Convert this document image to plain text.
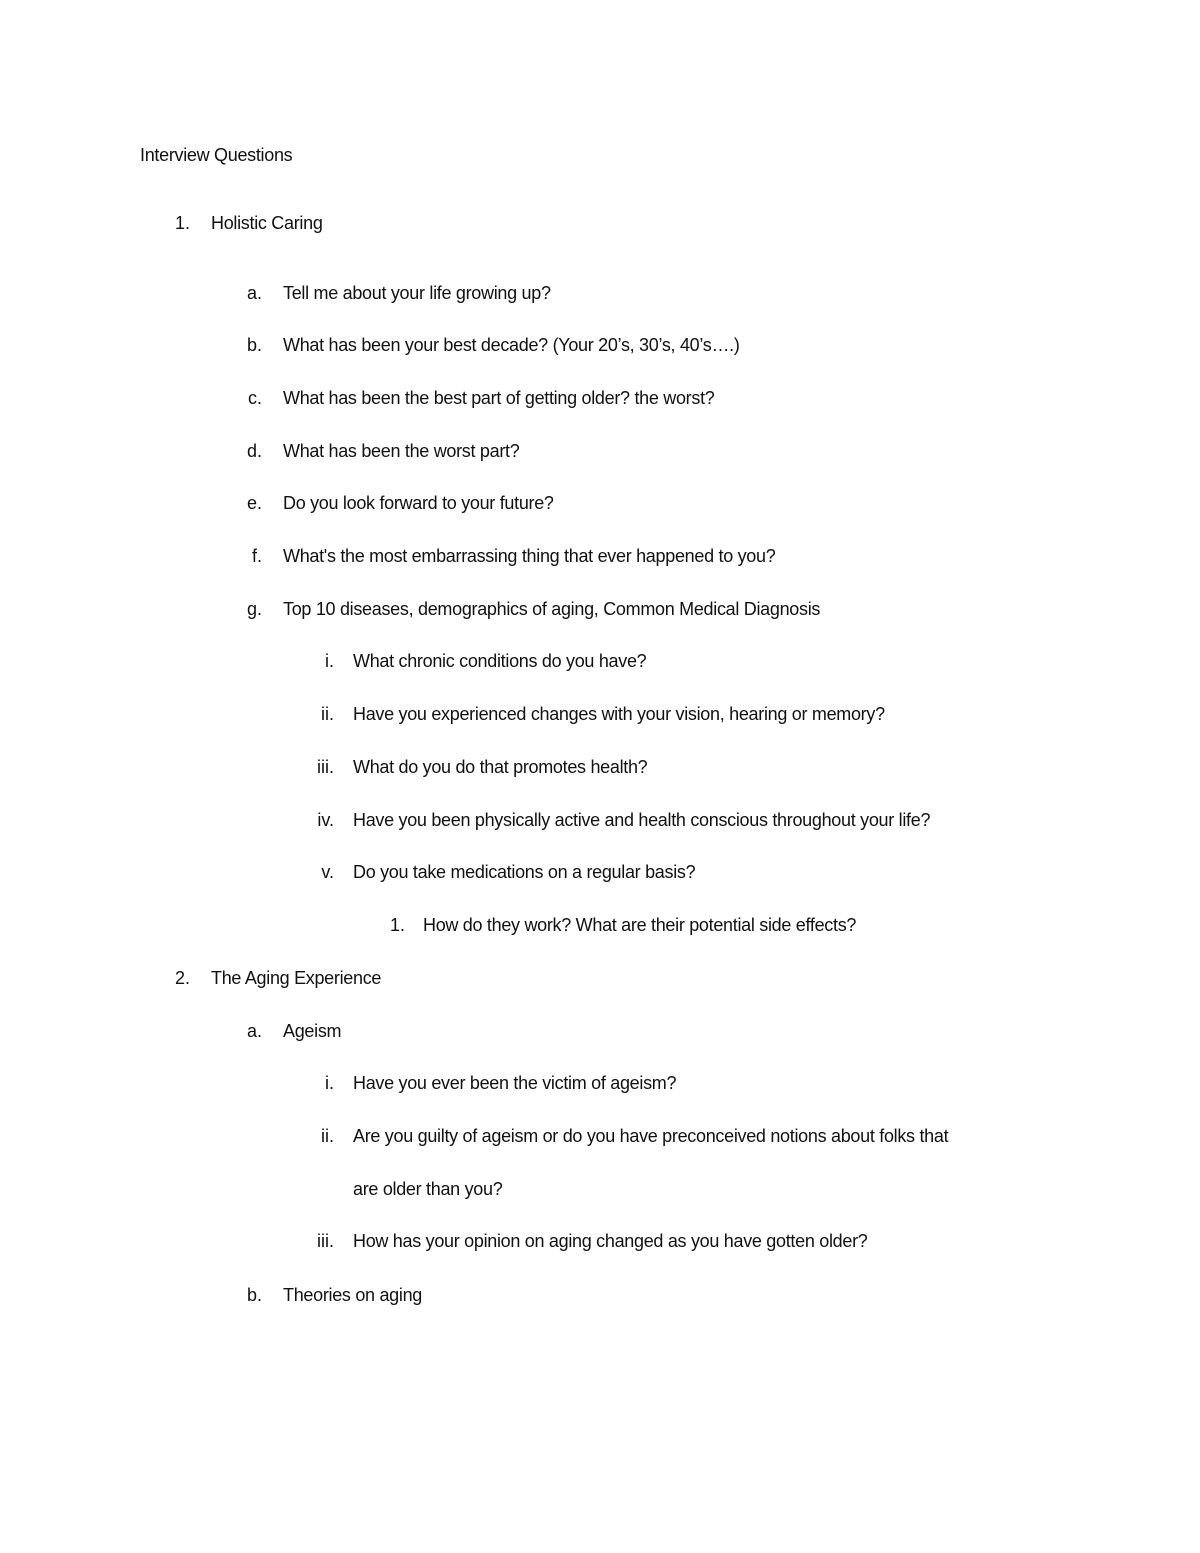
Interview Questions
1. Holistic Caring
a. Tell me about your life growing up?
b. What has been your best decade? (Your 20’s, 30’s, 40’s….)
c. What has been the best part of getting older? the worst?
d. What has been the worst part?
e. Do you look forward to your future?
f. What's the most embarrassing thing that ever happened to you?
g. Top 10 diseases, demographics of aging, Common Medical Diagnosis
i. What chronic conditions do you have?
ii. Have you experienced changes with your vision, hearing or memory?
iii. What do you do that promotes health?
iv. Have you been physically active and health conscious throughout your life?
v. Do you take medications on a regular basis?
1. How do they work? What are their potential side effects?
2. The Aging Experience
a. Ageism
i. Have you ever been the victim of ageism?
ii. Are you guilty of ageism or do you have preconceived notions about folks that
are older than you?
iii. How has your opinion on aging changed as you have gotten older?
b. Theories on aging
